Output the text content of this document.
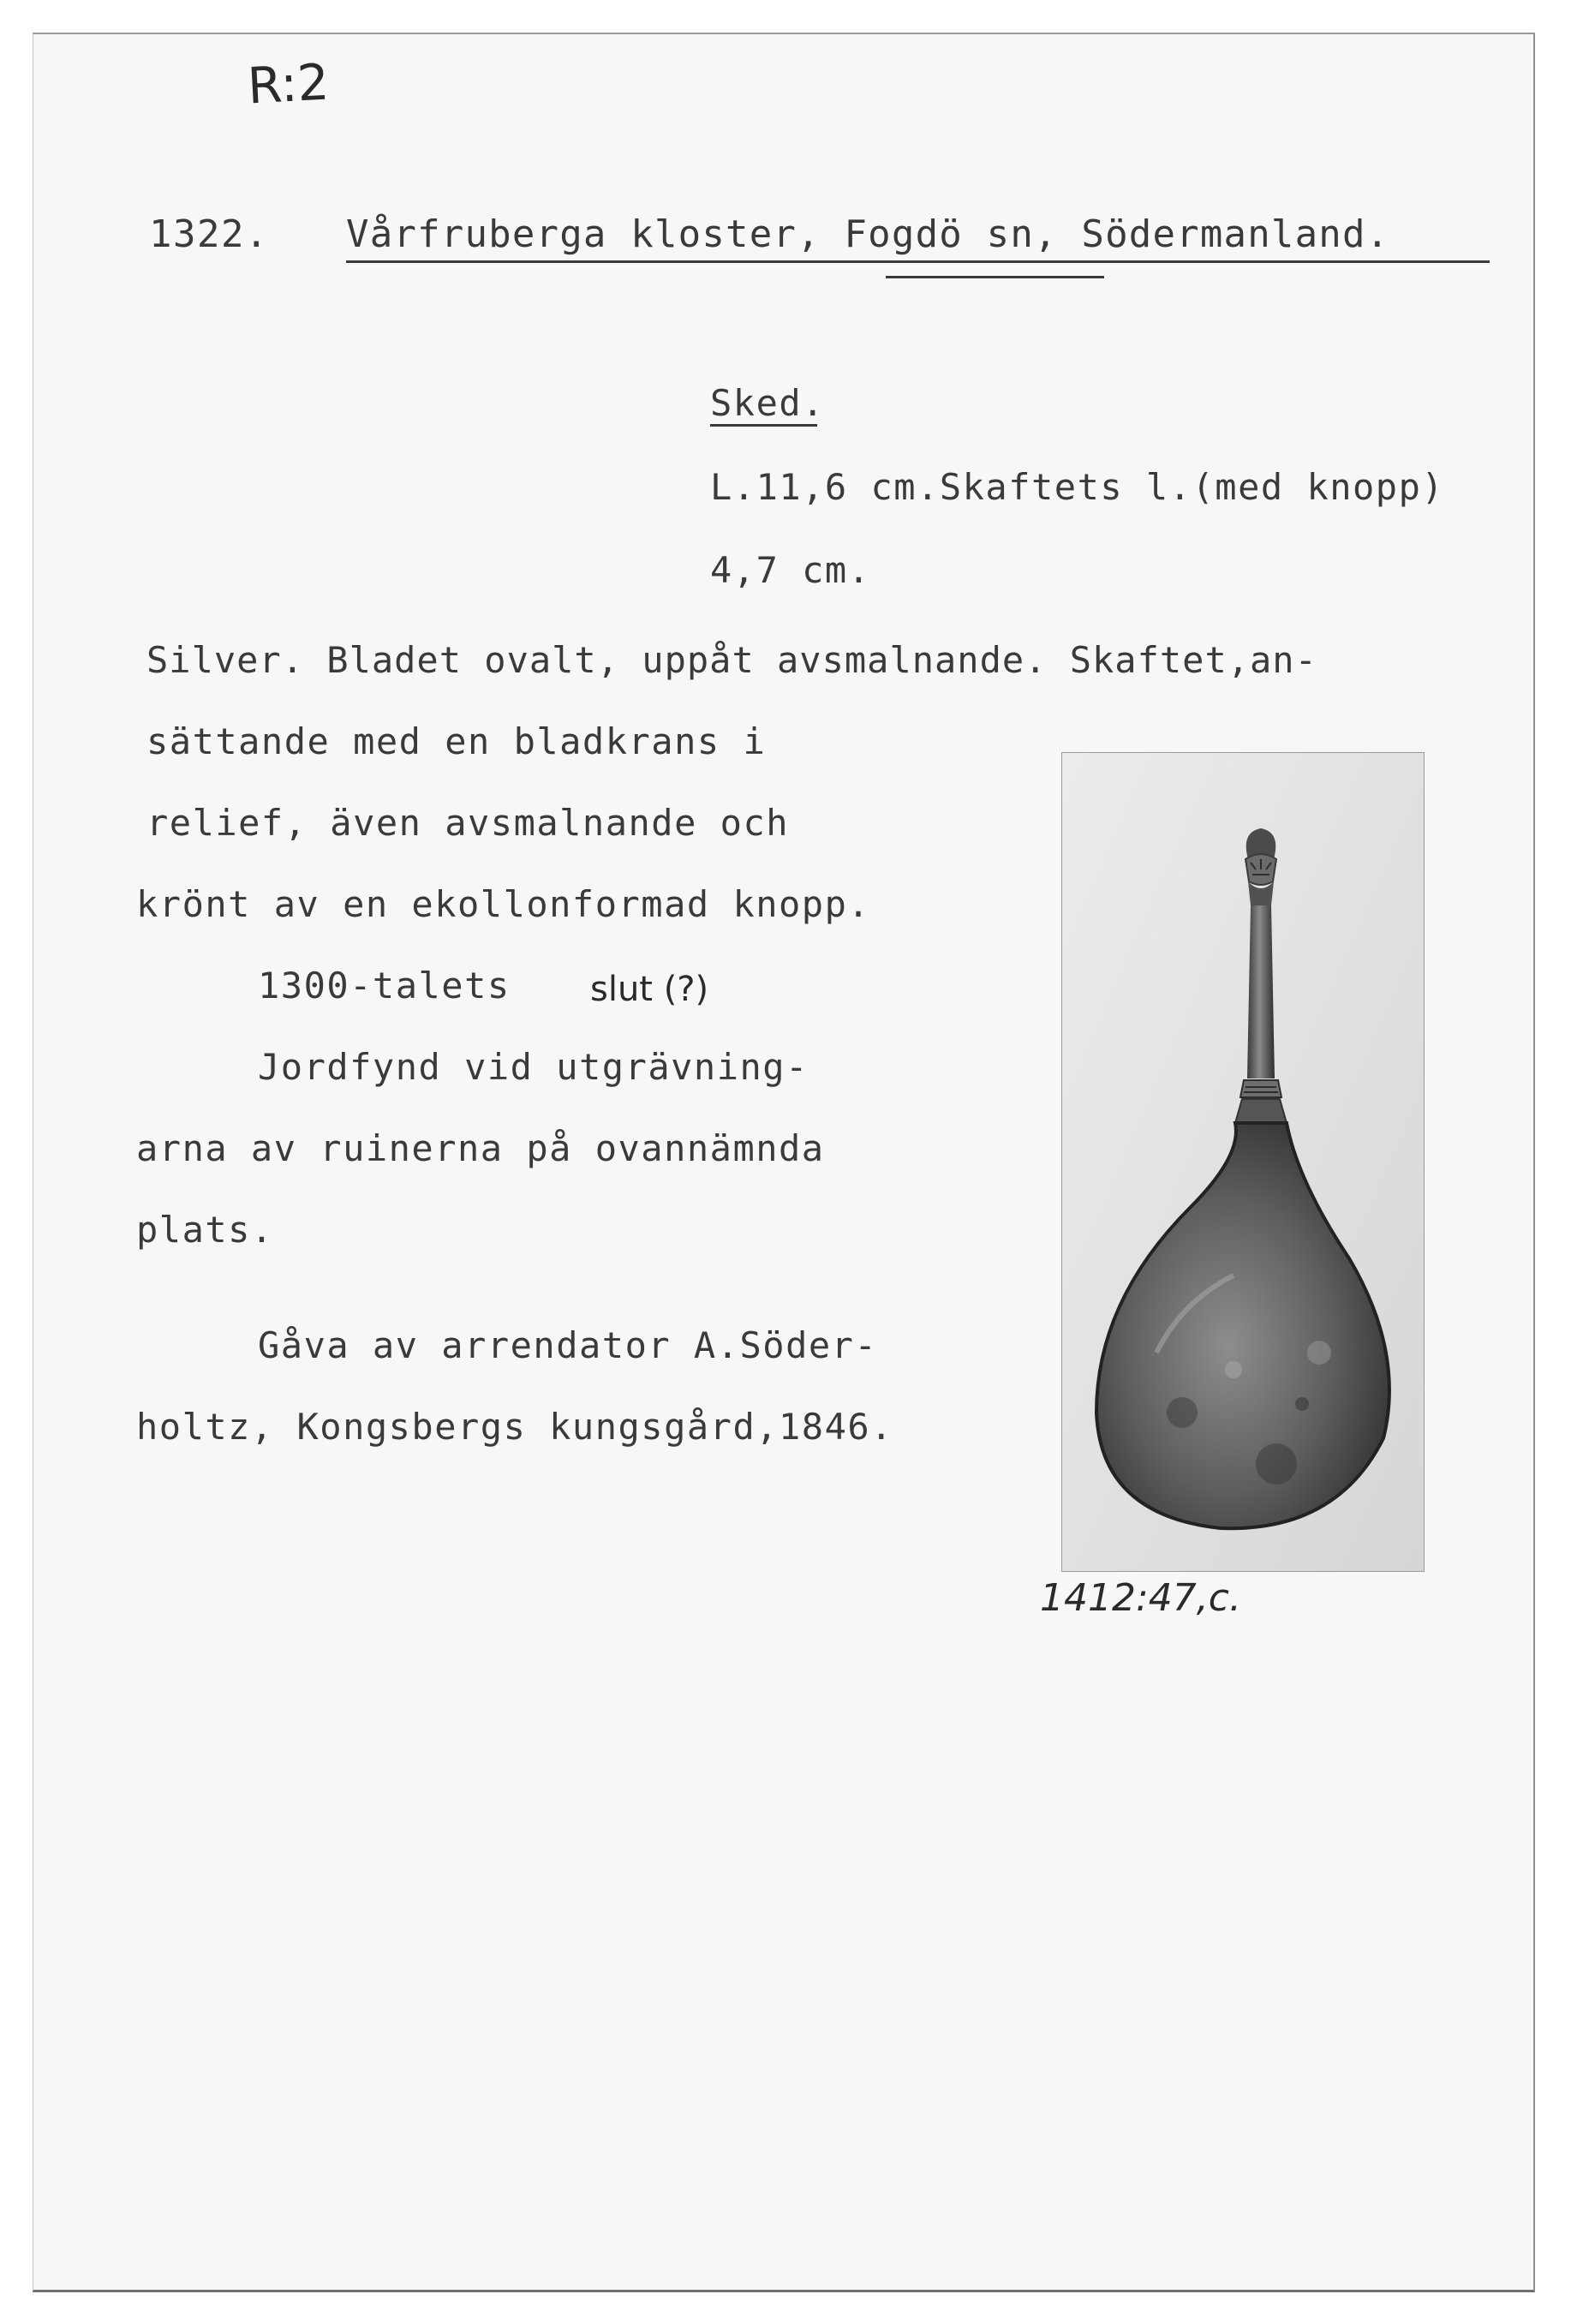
R:2
1322. Vårfruberga kloster, Fogdö sn, Södermanland.
Sked.
L.11,6 cm.Skaftets l.(med knopp)
4,7 cm.
Silver. Bladet ovalt, uppåt avsmalnande. Skaftet,an-
sättande med en bladkrans i
relief, även avsmalnande och
krönt av en ekollonformad knopp.
1300-talets slut (?)
Jordfynd vid utgrävning-
arna av ruinerna på ovannämnda
plats.
Gåva av arrendator A.Söder-
holtz, Kongsbergs kungsgård,1846.
1412:47,c.
